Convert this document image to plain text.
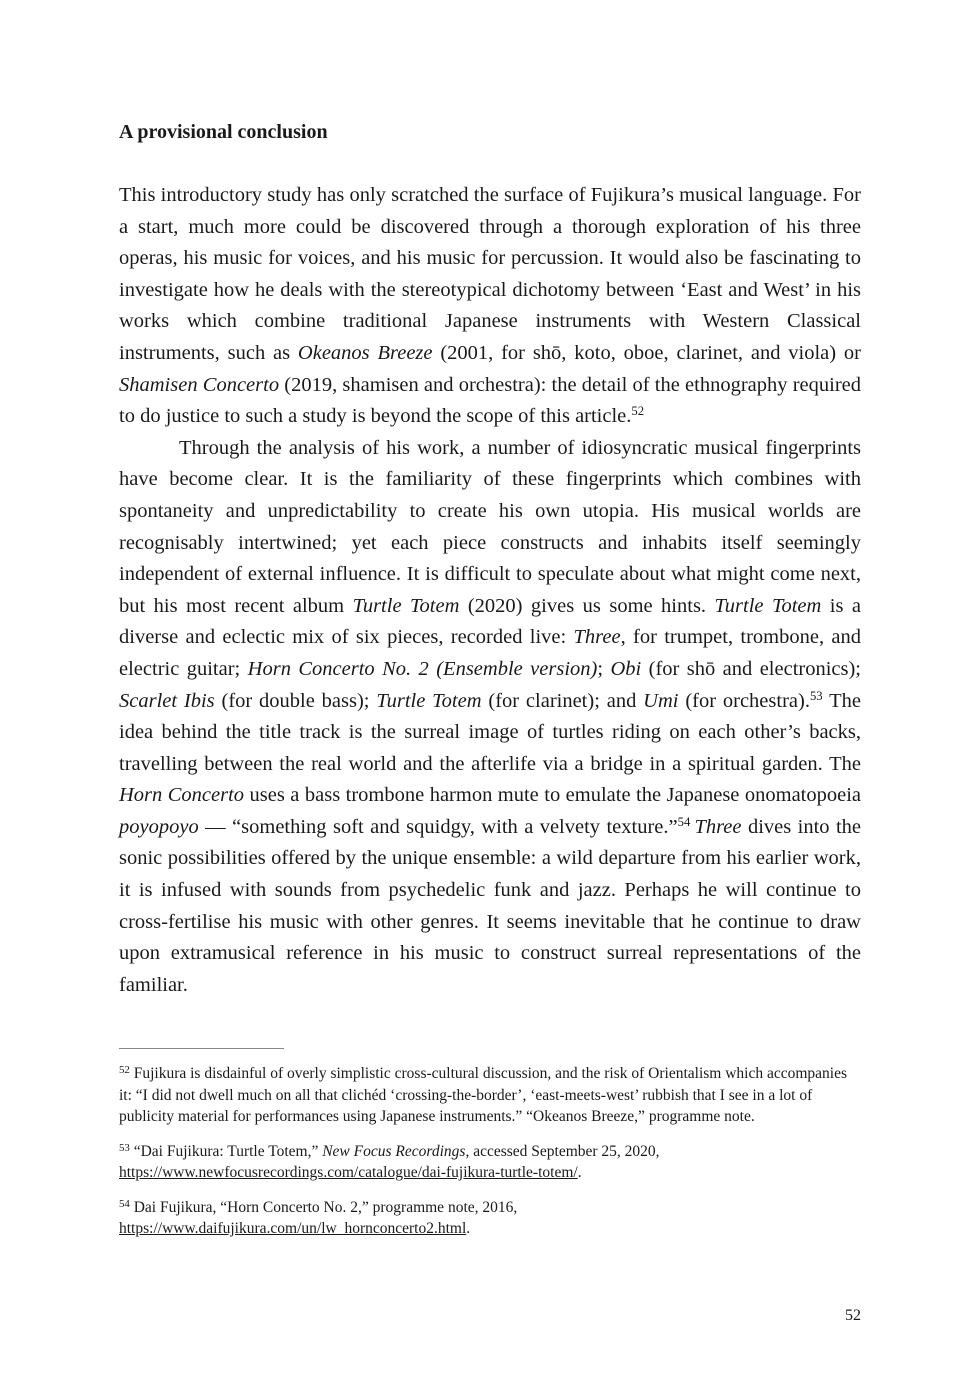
A provisional conclusion

This introductory study has only scratched the surface of Fujikura’s musical language. For a start, much more could be discovered through a thorough exploration of his three operas, his music for voices, and his music for percussion. It would also be fascinating to investigate how he deals with the stereotypical dichotomy between ‘East and West’ in his works which combine traditional Japanese instruments with Western Classical instruments, such as Okeanos Breeze (2001, for shō, koto, oboe, clarinet, and viola) or Shamisen Concerto (2019, shamisen and orchestra): the detail of the ethnography required to do justice to such a study is beyond the scope of this article.$^{52}$

Through the analysis of his work, a number of idiosyncratic musical fingerprints have become clear. It is the familiarity of these fingerprints which combines with spontaneity and unpredictability to create his own utopia. His musical worlds are recognisably intertwined; yet each piece constructs and inhabits itself seemingly independent of external influence. It is difficult to speculate about what might come next, but his most recent album Turtle Totem (2020) gives us some hints. Turtle Totem is a diverse and eclectic mix of six pieces, recorded live: Three, for trumpet, trombone, and electric guitar; Horn Concerto No. 2 (Ensemble version); Obi (for shō and electronics); Scarlet Ibis (for double bass); Turtle Totem (for clarinet); and Umi (for orchestra).$^{53}$ The idea behind the title track is the surreal image of turtles riding on each other’s backs, travelling between the real world and the afterlife via a bridge in a spiritual garden. The Horn Concerto uses a bass trombone harmon mute to emulate the Japanese onomatopoeia poyopoyo — “something soft and squidgy, with a velvety texture.”$^{54}$  Three dives into the sonic possibilities offered by the unique ensemble: a wild departure from his earlier work, it is infused with sounds from psychedelic funk and jazz. Perhaps he will continue to cross-fertilise his music with other genres. It seems inevitable that he continue to draw upon extramusical reference in his music to construct surreal representations of the familiar.

$^{52}$ Fujikura is disdainful of overly simplistic cross-cultural discussion, and the risk of Orientalism which accompanies it: “I did not dwell much on all that clichéd ‘crossing-the-border’, ‘east-meets-west’ rubbish that I see in a lot of publicity material for performances using Japanese instruments.” “Okeanos Breeze,” programme note.

$^{53}$ “Dai Fujikura: Turtle Totem,” New Focus Recordings, accessed September 25, 2020, https://www.newfocusrecordings.com/catalogue/dai-fujikura-turtle-totem/.

$^{54}$ Dai Fujikura, “Horn Concerto No. 2,” programme note, 2016, https://www.daifujikura.com/un/lw_hornconcerto2.html.

52
